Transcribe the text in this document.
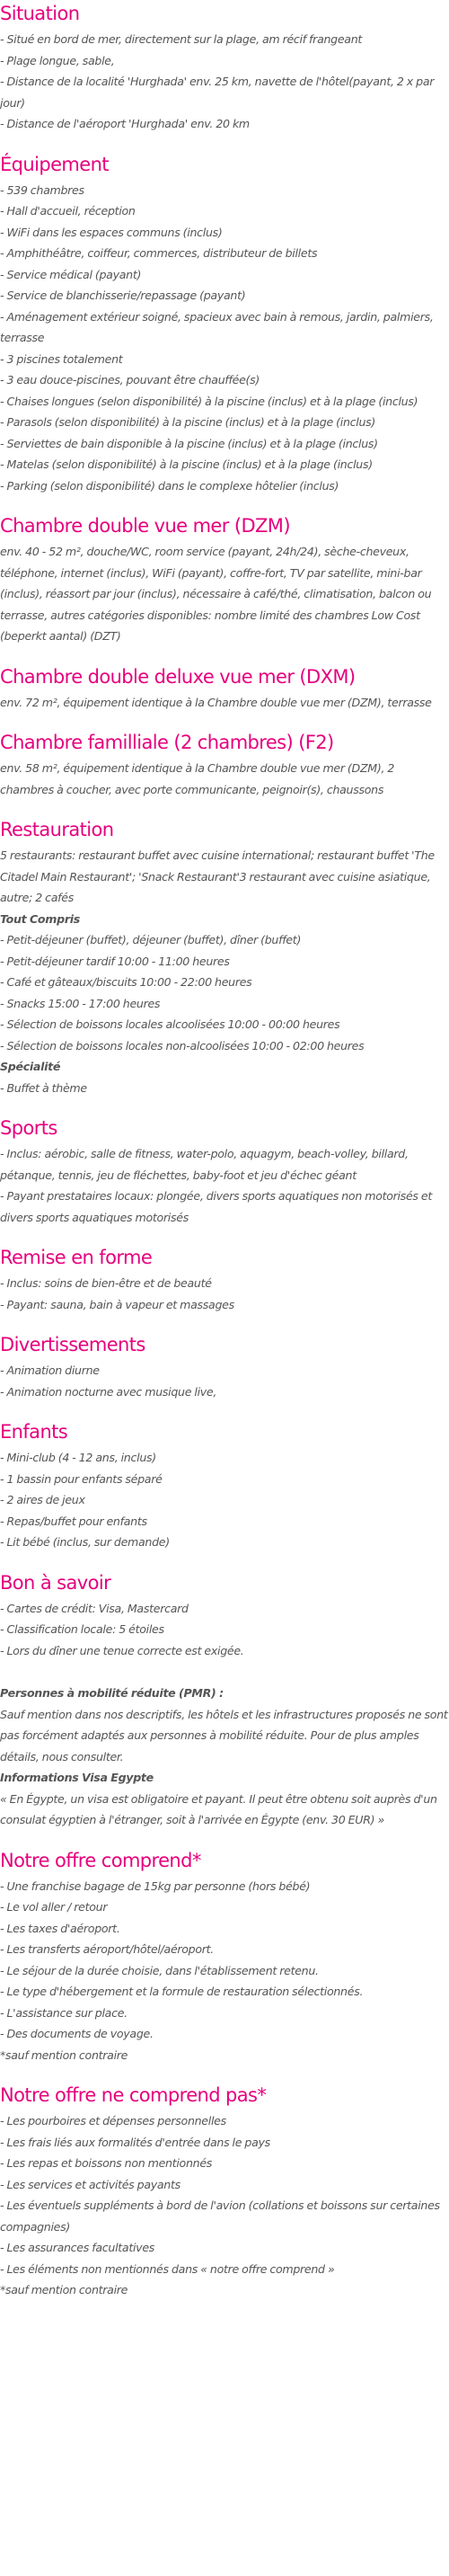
Situation
- Situé en bord de mer, directement sur la plage, am récif frangeant
- Plage longue, sable,
- Distance de la localité 'Hurghada' env. 25 km, navette de l'hôtel(payant, 2 x par jour)
- Distance de l'aéroport 'Hurghada' env. 20 km
Équipement
- 539 chambres
- Hall d'accueil, réception
- WiFi dans les espaces communs (inclus)
- Amphithéâtre, coiffeur, commerces, distributeur de billets
- Service médical (payant)
- Service de blanchisserie/repassage (payant)
- Aménagement extérieur soigné, spacieux avec bain à remous, jardin, palmiers, terrasse
- 3 piscines totalement
- 3 eau douce-piscines, pouvant être chauffée(s)
- Chaises longues (selon disponibilité) à la piscine (inclus) et à la plage (inclus)
- Parasols (selon disponibilité) à la piscine (inclus) et à la plage (inclus)
- Serviettes de bain disponible à la piscine (inclus) et à la plage (inclus)
- Matelas (selon disponibilité) à la piscine (inclus) et à la plage (inclus)
- Parking (selon disponibilité) dans le complexe hôtelier (inclus)
Chambre double vue mer (DZM)
env. 40 - 52 m², douche/WC, room service (payant, 24h/24), sèche-cheveux, téléphone, internet (inclus), WiFi (payant), coffre-fort, TV par satellite, mini-bar (inclus), réassort par jour (inclus), nécessaire à café/thé, climatisation, balcon ou terrasse, autres catégories disponibles: nombre limité des chambres Low Cost (beperkt aantal) (DZT)
Chambre double deluxe vue mer (DXM)
env. 72 m², équipement identique à la Chambre double vue mer (DZM), terrasse
Chambre familliale (2 chambres) (F2)
env. 58 m², équipement identique à la Chambre double vue mer (DZM), 2 chambres à coucher, avec porte communicante, peignoir(s), chaussons
Restauration
5 restaurants: restaurant buffet avec cuisine international; restaurant buffet 'The Citadel Main Restaurant'; 'Snack Restaurant'3 restaurant avec cuisine asiatique, autre; 2 cafés
Tout Compris
- Petit-déjeuner (buffet), déjeuner (buffet), dîner (buffet)
- Petit-déjeuner tardif 10:00 - 11:00 heures
- Café et gâteaux/biscuits 10:00 - 22:00 heures
- Snacks 15:00 - 17:00 heures
- Sélection de boissons locales alcoolisées 10:00 - 00:00 heures
- Sélection de boissons locales non-alcoolisées 10:00 - 02:00 heures
Spécialité
- Buffet à thème
Sports
- Inclus: aérobic, salle de fitness, water-polo, aquagym, beach-volley, billard, pétanque, tennis, jeu de fléchettes, baby-foot et jeu d'échec géant
- Payant prestataires locaux: plongée, divers sports aquatiques non motorisés et divers sports aquatiques motorisés
Remise en forme
- Inclus: soins de bien-être et de beauté
- Payant: sauna, bain à vapeur et massages
Divertissements
- Animation diurne
- Animation nocturne avec musique live,
Enfants
- Mini-club (4 - 12 ans, inclus)
- 1 bassin pour enfants séparé
- 2 aires de jeux
- Repas/buffet pour enfants
- Lit bébé (inclus, sur demande)
Bon à savoir
- Cartes de crédit: Visa, Mastercard
- Classification locale: 5 étoiles
- Lors du dîner une tenue correcte est exigée.
Personnes à mobilité réduite (PMR) :
Sauf mention dans nos descriptifs, les hôtels et les infrastructures proposés ne sont pas forcément adaptés aux personnes à mobilité réduite. Pour de plus amples détails, nous consulter.
Informations Visa Egypte
« En Égypte, un visa est obligatoire et payant. Il peut être obtenu soit auprès d'un consulat égyptien à l'étranger, soit à l'arrivée en Égypte (env. 30 EUR) »
Notre offre comprend*
- Une franchise bagage de 15kg par personne (hors bébé)
- Le vol aller / retour
- Les taxes d'aéroport.
- Les transferts aéroport/hôtel/aéroport.
- Le séjour de la durée choisie, dans l'établissement retenu.
- Le type d'hébergement et la formule de restauration sélectionnés.
- L'assistance sur place.
- Des documents de voyage.
*sauf mention contraire
Notre offre ne comprend pas*
- Les pourboires et dépenses personnelles
- Les frais liés aux formalités d'entrée dans le pays
- Les repas et boissons non mentionnés
- Les services et activités payants
- Les éventuels suppléments à bord de l'avion (collations et boissons sur certaines compagnies)
- Les assurances facultatives
- Les éléments non mentionnés dans « notre offre comprend »
*sauf mention contraire
